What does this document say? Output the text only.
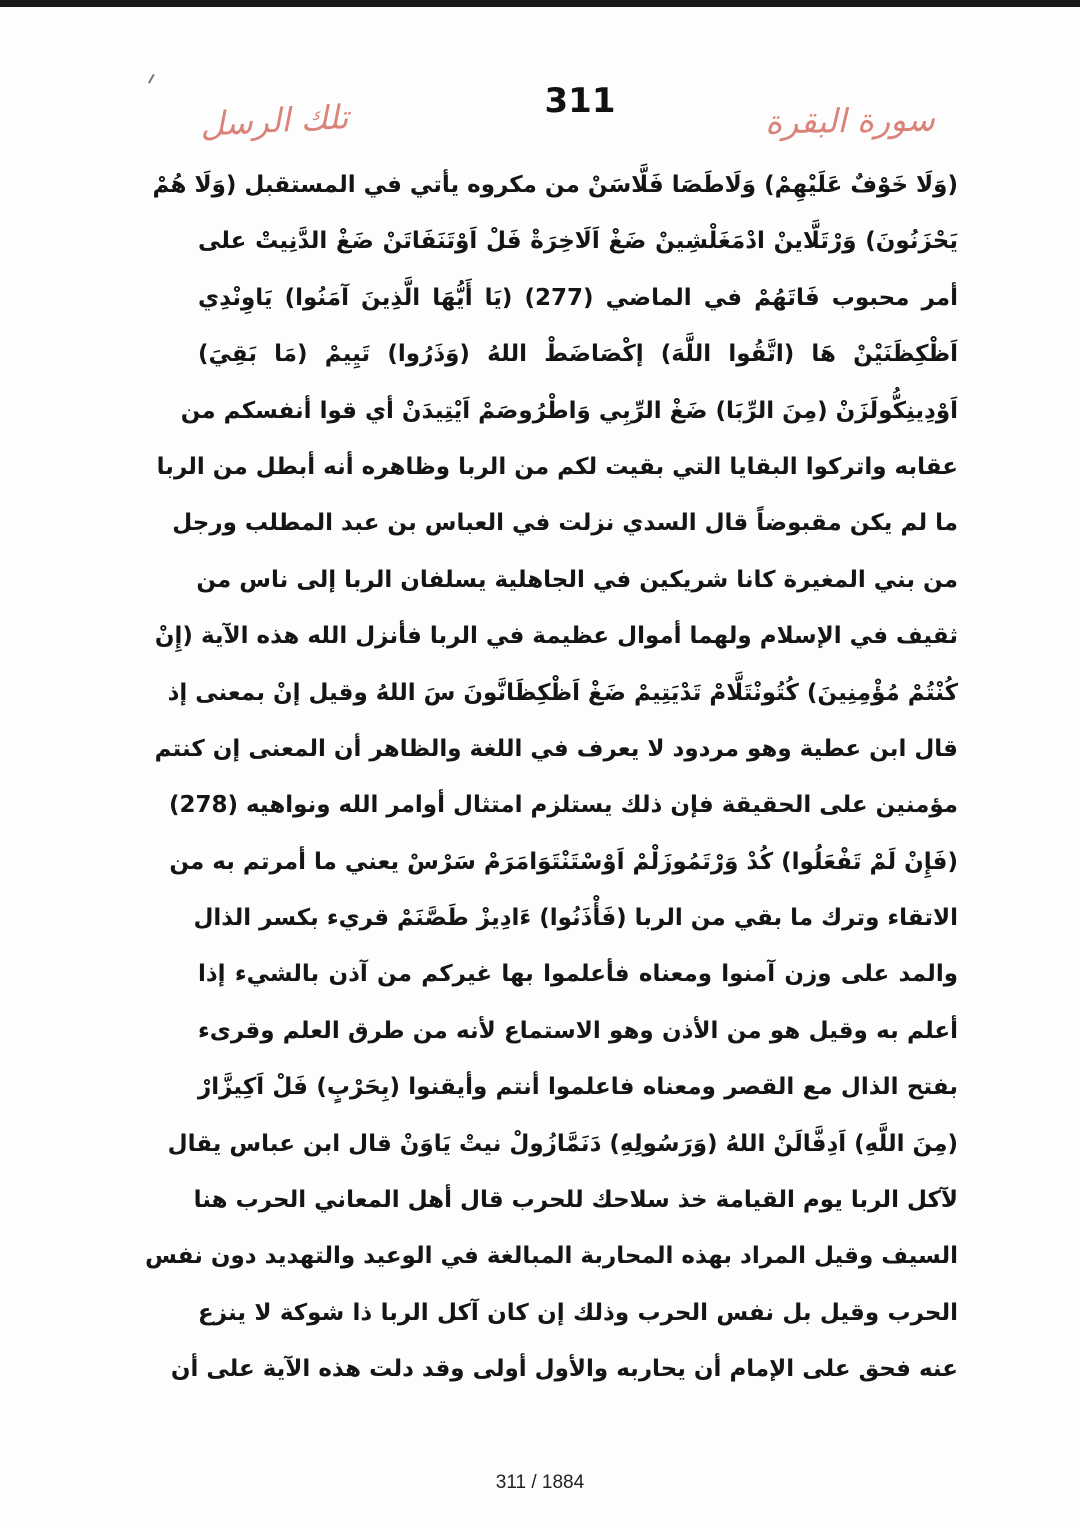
تلك الرسل	311	سورة البقرة
(وَلَا خَوْفٌ عَلَيْهِمْ) وَلَاطَصَا فَلَّاسَنْ من مكروه يأتي في المستقبل (وَلَا هُمْ
يَحْزَنُونَ) وَرْتَلَّاينْ ادْمَغَلْشِينْ ضَغْ اَلَاخِرَةْ فَلْ اَوْتَنَفَاتَنْ ضَغْ الدَّنِيتْ على
أمر محبوب فَاتَهُمْ في الماضي (277) (يَا أَيُّهَا الَّذِينَ آمَنُوا) يَاوِنْدِي
اَظْكِظَنَيْنْ هَا (اتَّقُوا اللَّهَ) إكْصَاضَطْ اللهُ (وَذَرُوا) تَيِيمْ (مَا بَقِيَ)
اَوْدِينِكُّولَزَنْ (مِنَ الرِّبَا) ضَغْ الرِّبِي وَاطْرُوصَمْ اَيْتِيدَنْ أي قوا أنفسكم من
عقابه واتركوا البقايا التي بقيت لكم من الربا وظاهره أنه أبطل من الربا
ما لم يكن مقبوضاً قال السدي نزلت في العباس بن عبد المطلب ورجل
من بني المغيرة كانا شريكين في الجاهلية يسلفان الربا إلى ناس من
ثقيف في الإسلام ولهما أموال عظيمة في الربا فأنزل الله هذه الآية (إِنْ
كُنْتُمْ مُؤْمِنِينَ) كُتُونْتَلَّامْ تَدْيَتِيمْ ضَغْ اَظْكِظَانَّونَ سَ اللهُ وقيل إنْ بمعنى إذ
قال ابن عطية وهو مردود لا يعرف في اللغة والظاهر أن المعنى إن كنتم
مؤمنين على الحقيقة فإن ذلك يستلزم امتثال أوامر الله ونواهيه (278)
(فَإِنْ لَمْ تَفْعَلُوا) كُدْ وَرْتَمُوزَلْمْ اَوْسْتَنْتَوَامَرَمْ سَرْسْ يعني ما أمرتم به من
الاتقاء وترك ما بقي من الربا (فَأْذَنُوا) ءَادِيزْ طَصَّنَمْ قريء بكسر الذال
والمد على وزن آمنوا ومعناه فأعلموا بها غيركم من آذن بالشيء إذا
أعلم به وقيل هو من الأذن وهو الاستماع لأنه من طرق العلم وقرىء
بفتح الذال مع القصر ومعناه فاعلموا أنتم وأيقنوا (بِحَرْبٍ) فَلْ اَكِيزَّارْ
(مِنَ اللَّهِ) اَدِفَّالَنْ اللهُ (وَرَسُولِهِ) دَنَمَّازُولْ نيتْ يَاوَنْ قال ابن عباس يقال
لآكل الربا يوم القيامة خذ سلاحك للحرب قال أهل المعاني الحرب هنا
السيف وقيل المراد بهذه المحاربة المبالغة في الوعيد والتهديد دون نفس
الحرب وقيل بل نفس الحرب وذلك إن كان آكل الربا ذا شوكة لا ينزع
عنه فحق على الإمام أن يحاربه والأول أولى وقد دلت هذه الآية على أن
311 / 1884
